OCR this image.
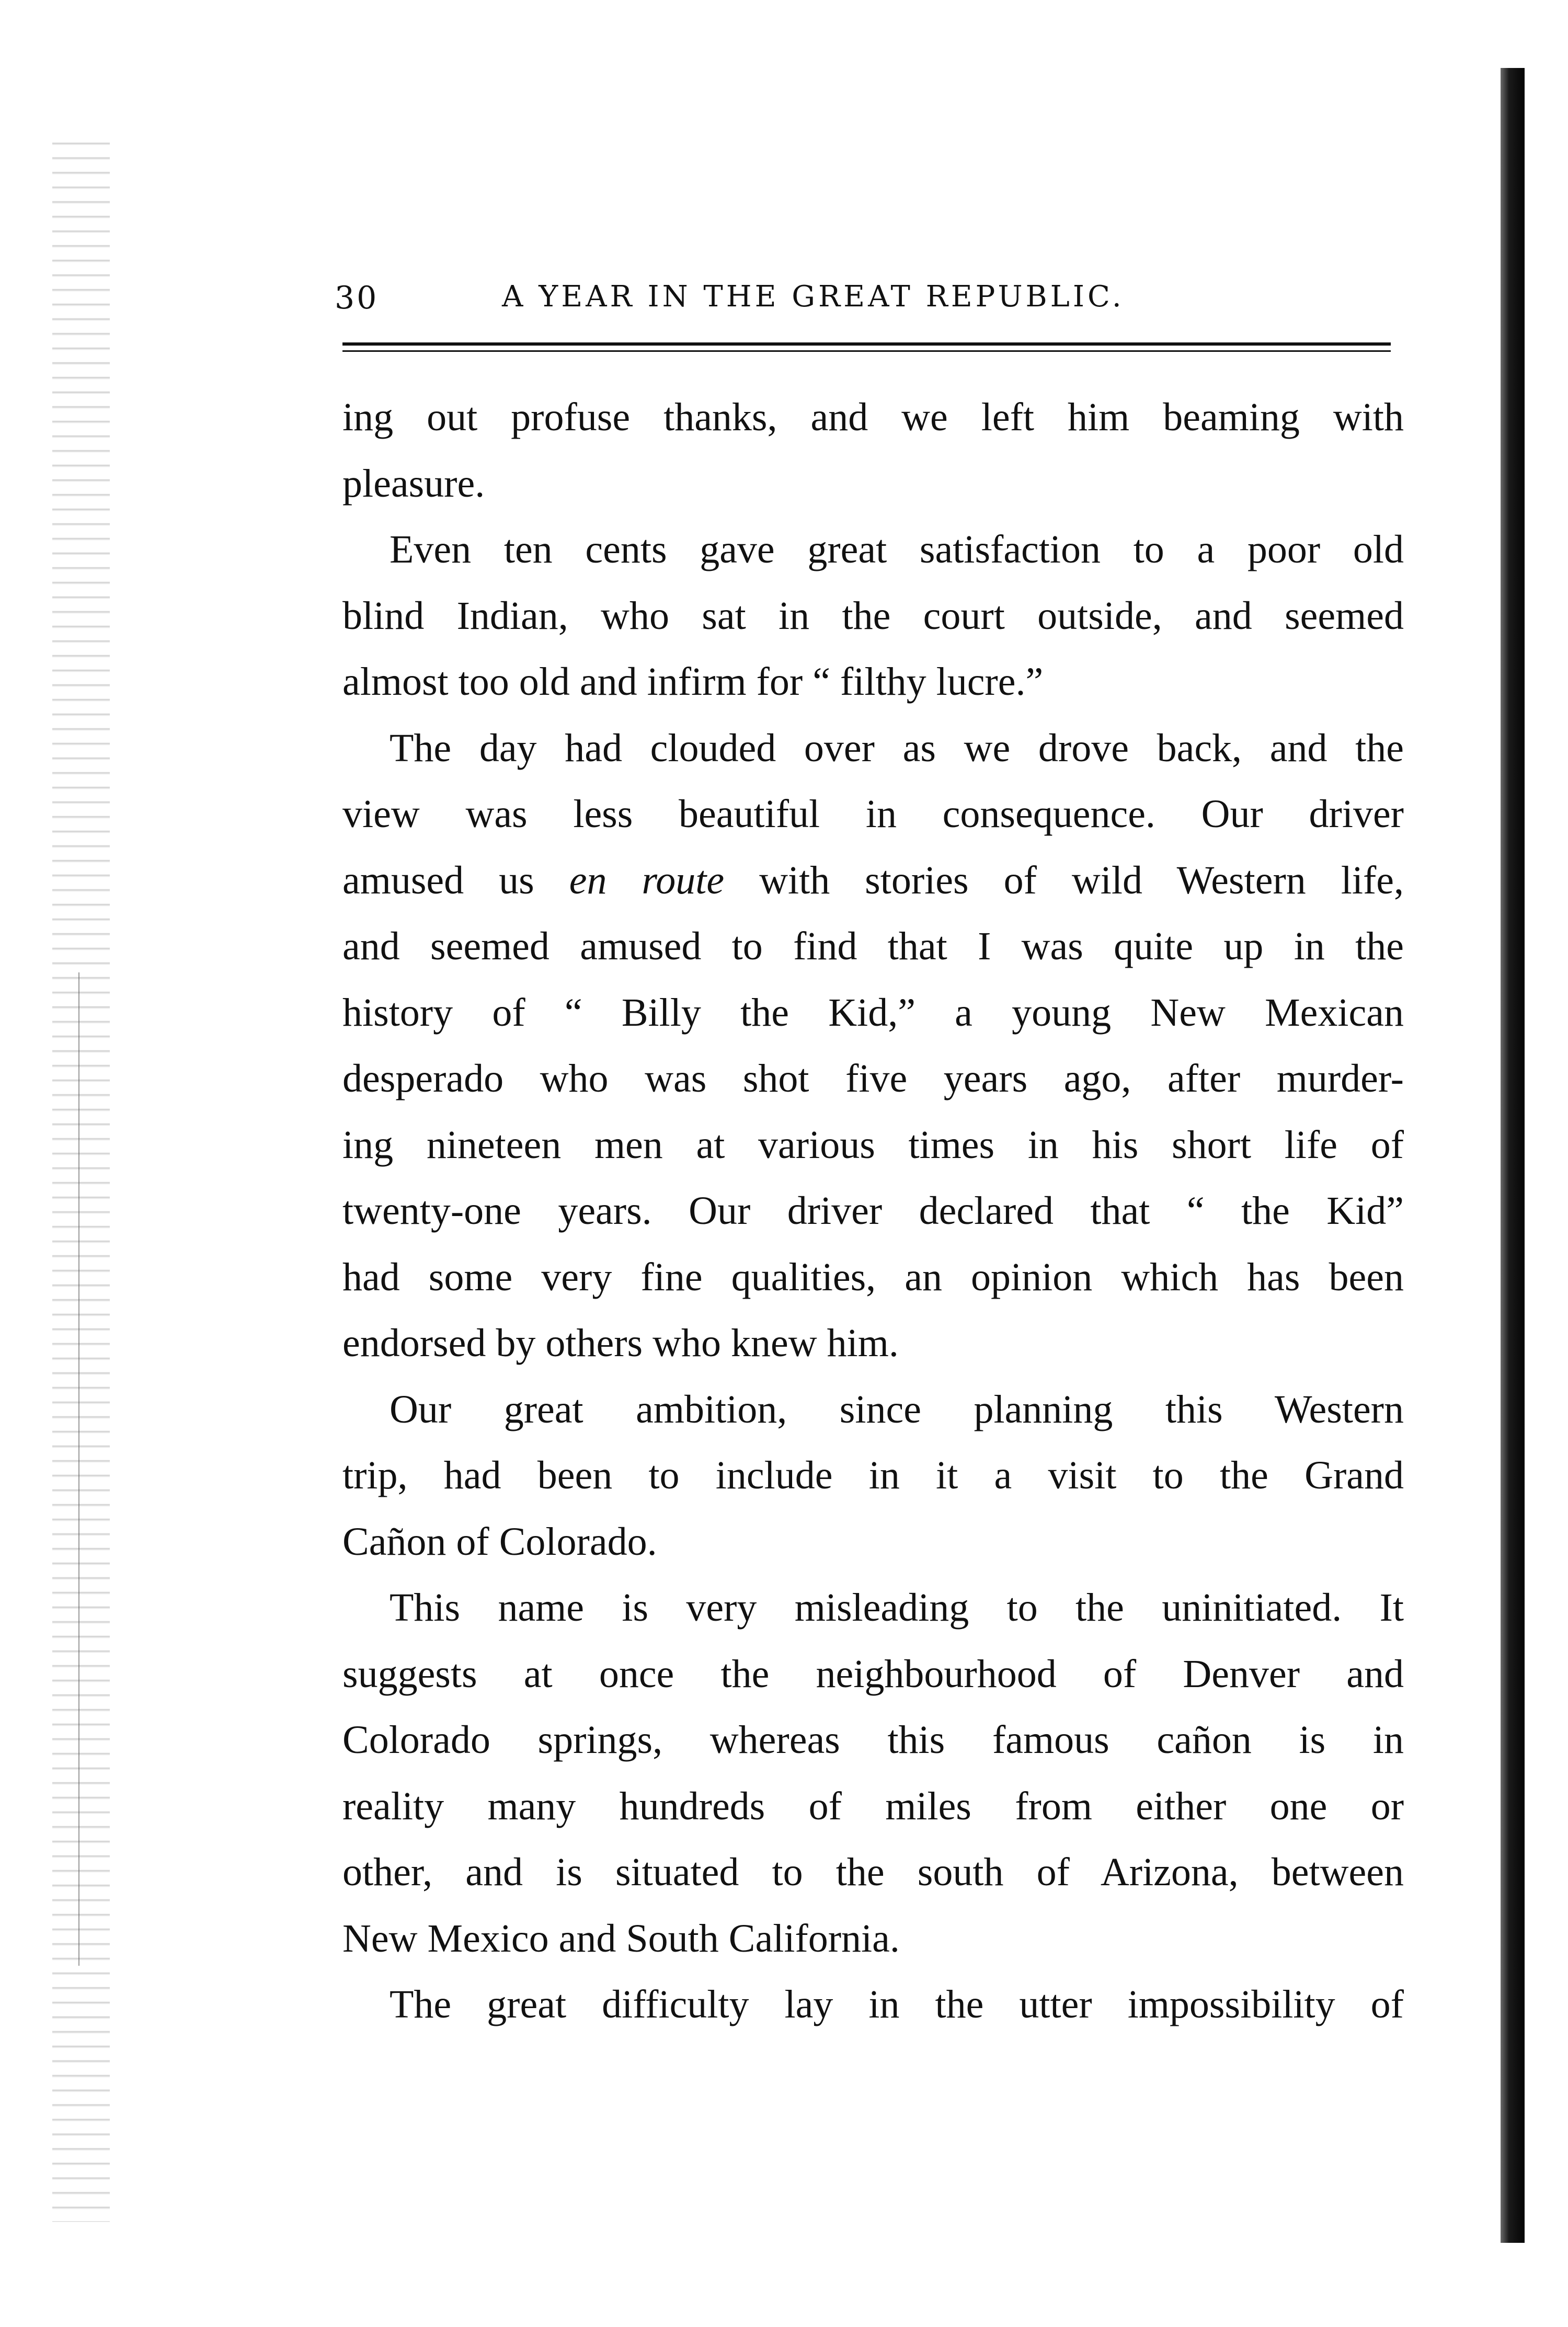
30	A YEAR IN THE GREAT REPUBLIC.
ing out profuse thanks, and we left him beaming with
pleasure.
Even ten cents gave great satisfaction to a poor old
blind Indian, who sat in the court outside, and seemed
almost too old and infirm for “ filthy lucre.”
The day had clouded over as we drove back, and the
view was less beautiful in consequence. Our driver
amused us en route with stories of wild Western life,
and seemed amused to find that I was quite up in the
history of “ Billy the Kid,” a young New Mexican
desperado who was shot five years ago, after murder-
ing nineteen men at various times in his short life of
twenty-one years. Our driver declared that “ the Kid”
had some very fine qualities, an opinion which has been
endorsed by others who knew him.
Our great ambition, since planning this Western
trip, had been to include in it a visit to the Grand
Cañon of Colorado.
This name is very misleading to the uninitiated. It
suggests at once the neighbourhood of Denver and
Colorado springs, whereas this famous cañon is in
reality many hundreds of miles from either one or
other, and is situated to the south of Arizona, between
New Mexico and South California.
The great difficulty lay in the utter impossibility of
